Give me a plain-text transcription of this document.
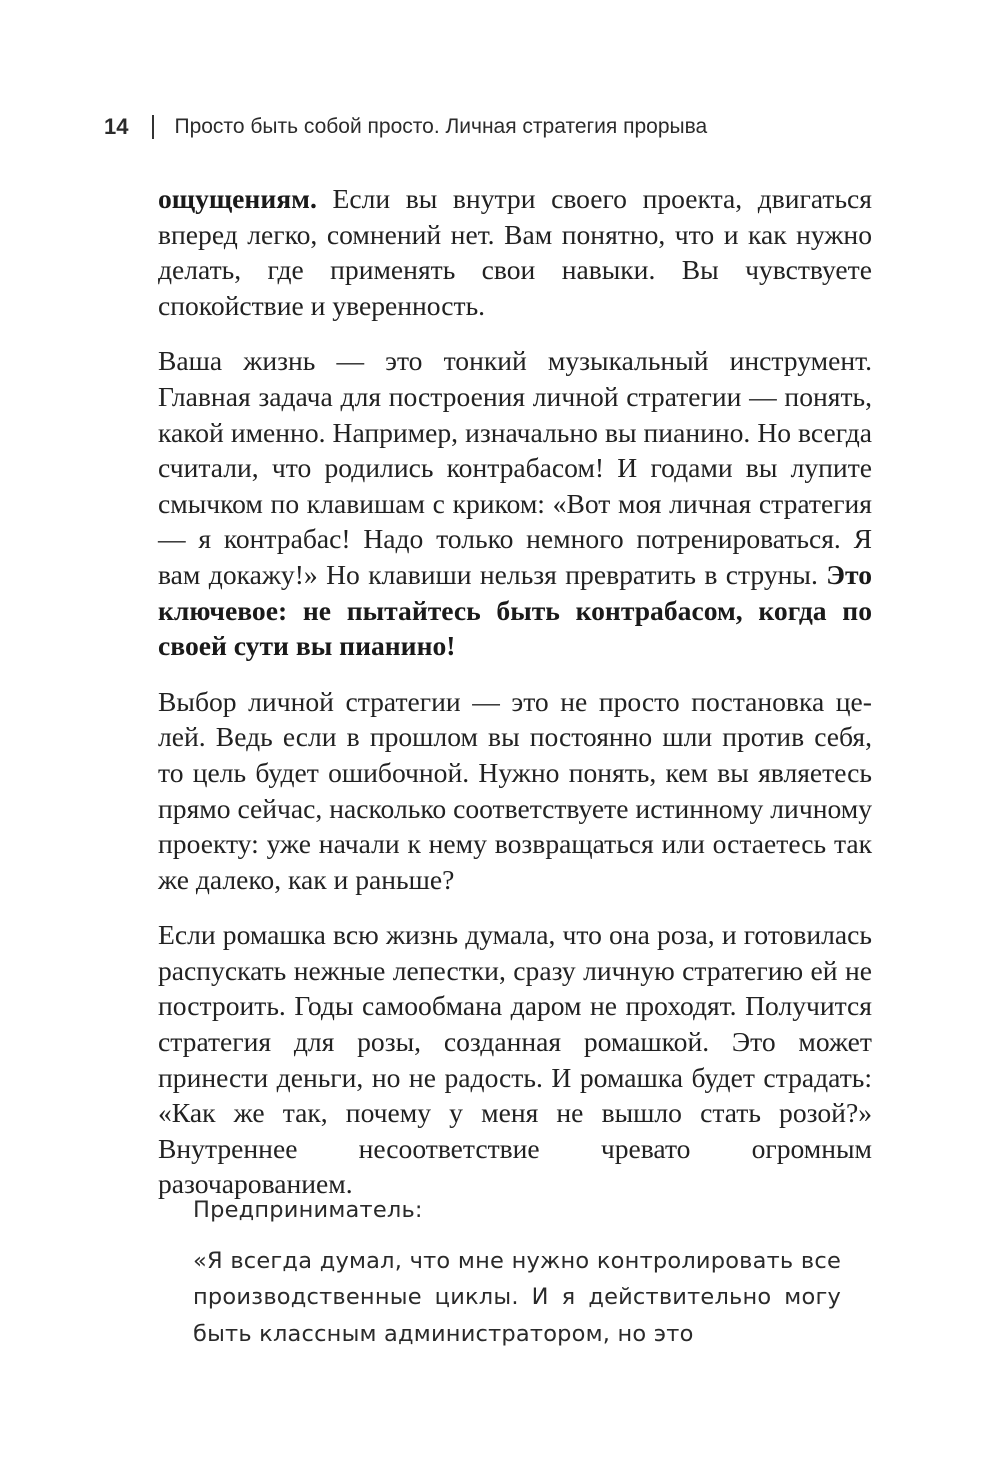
14 Просто быть собой просто. Личная стратегия прорыва

ощущениям. Если вы внутри своего проекта, двигаться вперед легко, сомнений нет. Вам понятно, что и как нужно делать, где применять свои навыки. Вы чувствуете спокойствие и уверенность.

Ваша жизнь — это тонкий музыкальный инструмент. Главная задача для построения личной стратегии — понять, какой именно. Например, изначально вы пианино. Но всегда считали, что родились контрабасом! И годами вы лупите смычком по клавишам с криком: «Вот моя личная стратегия — я контрабас! Надо только немного потренироваться. Я вам докажу!» Но клавиши нельзя превратить в струны. Это ключевое: не пытайтесь быть контрабасом, когда по своей сути вы пианино!

Выбор личной стратегии — это не просто постановка целей. Ведь если в прошлом вы постоянно шли против себя, то цель будет ошибочной. Нужно понять, кем вы являетесь прямо сейчас, насколько соответствуете истинному личному проекту: уже начали к нему возвращаться или остаетесь так же далеко, как и раньше?

Если ромашка всю жизнь думала, что она роза, и готовилась распускать нежные лепестки, сразу личную стратегию ей не построить. Годы самообмана даром не проходят. Получится стратегия для розы, созданная ромашкой. Это может принести деньги, но не радость. И ромашка будет страдать: «Как же так, почему у меня не вышло стать розой?» Внутреннее несоответствие чревато огромным разочарованием.

Предприниматель:

«Я всегда думал, что мне нужно контролировать все производственные циклы. И я действительно могу быть классным администратором, но это
